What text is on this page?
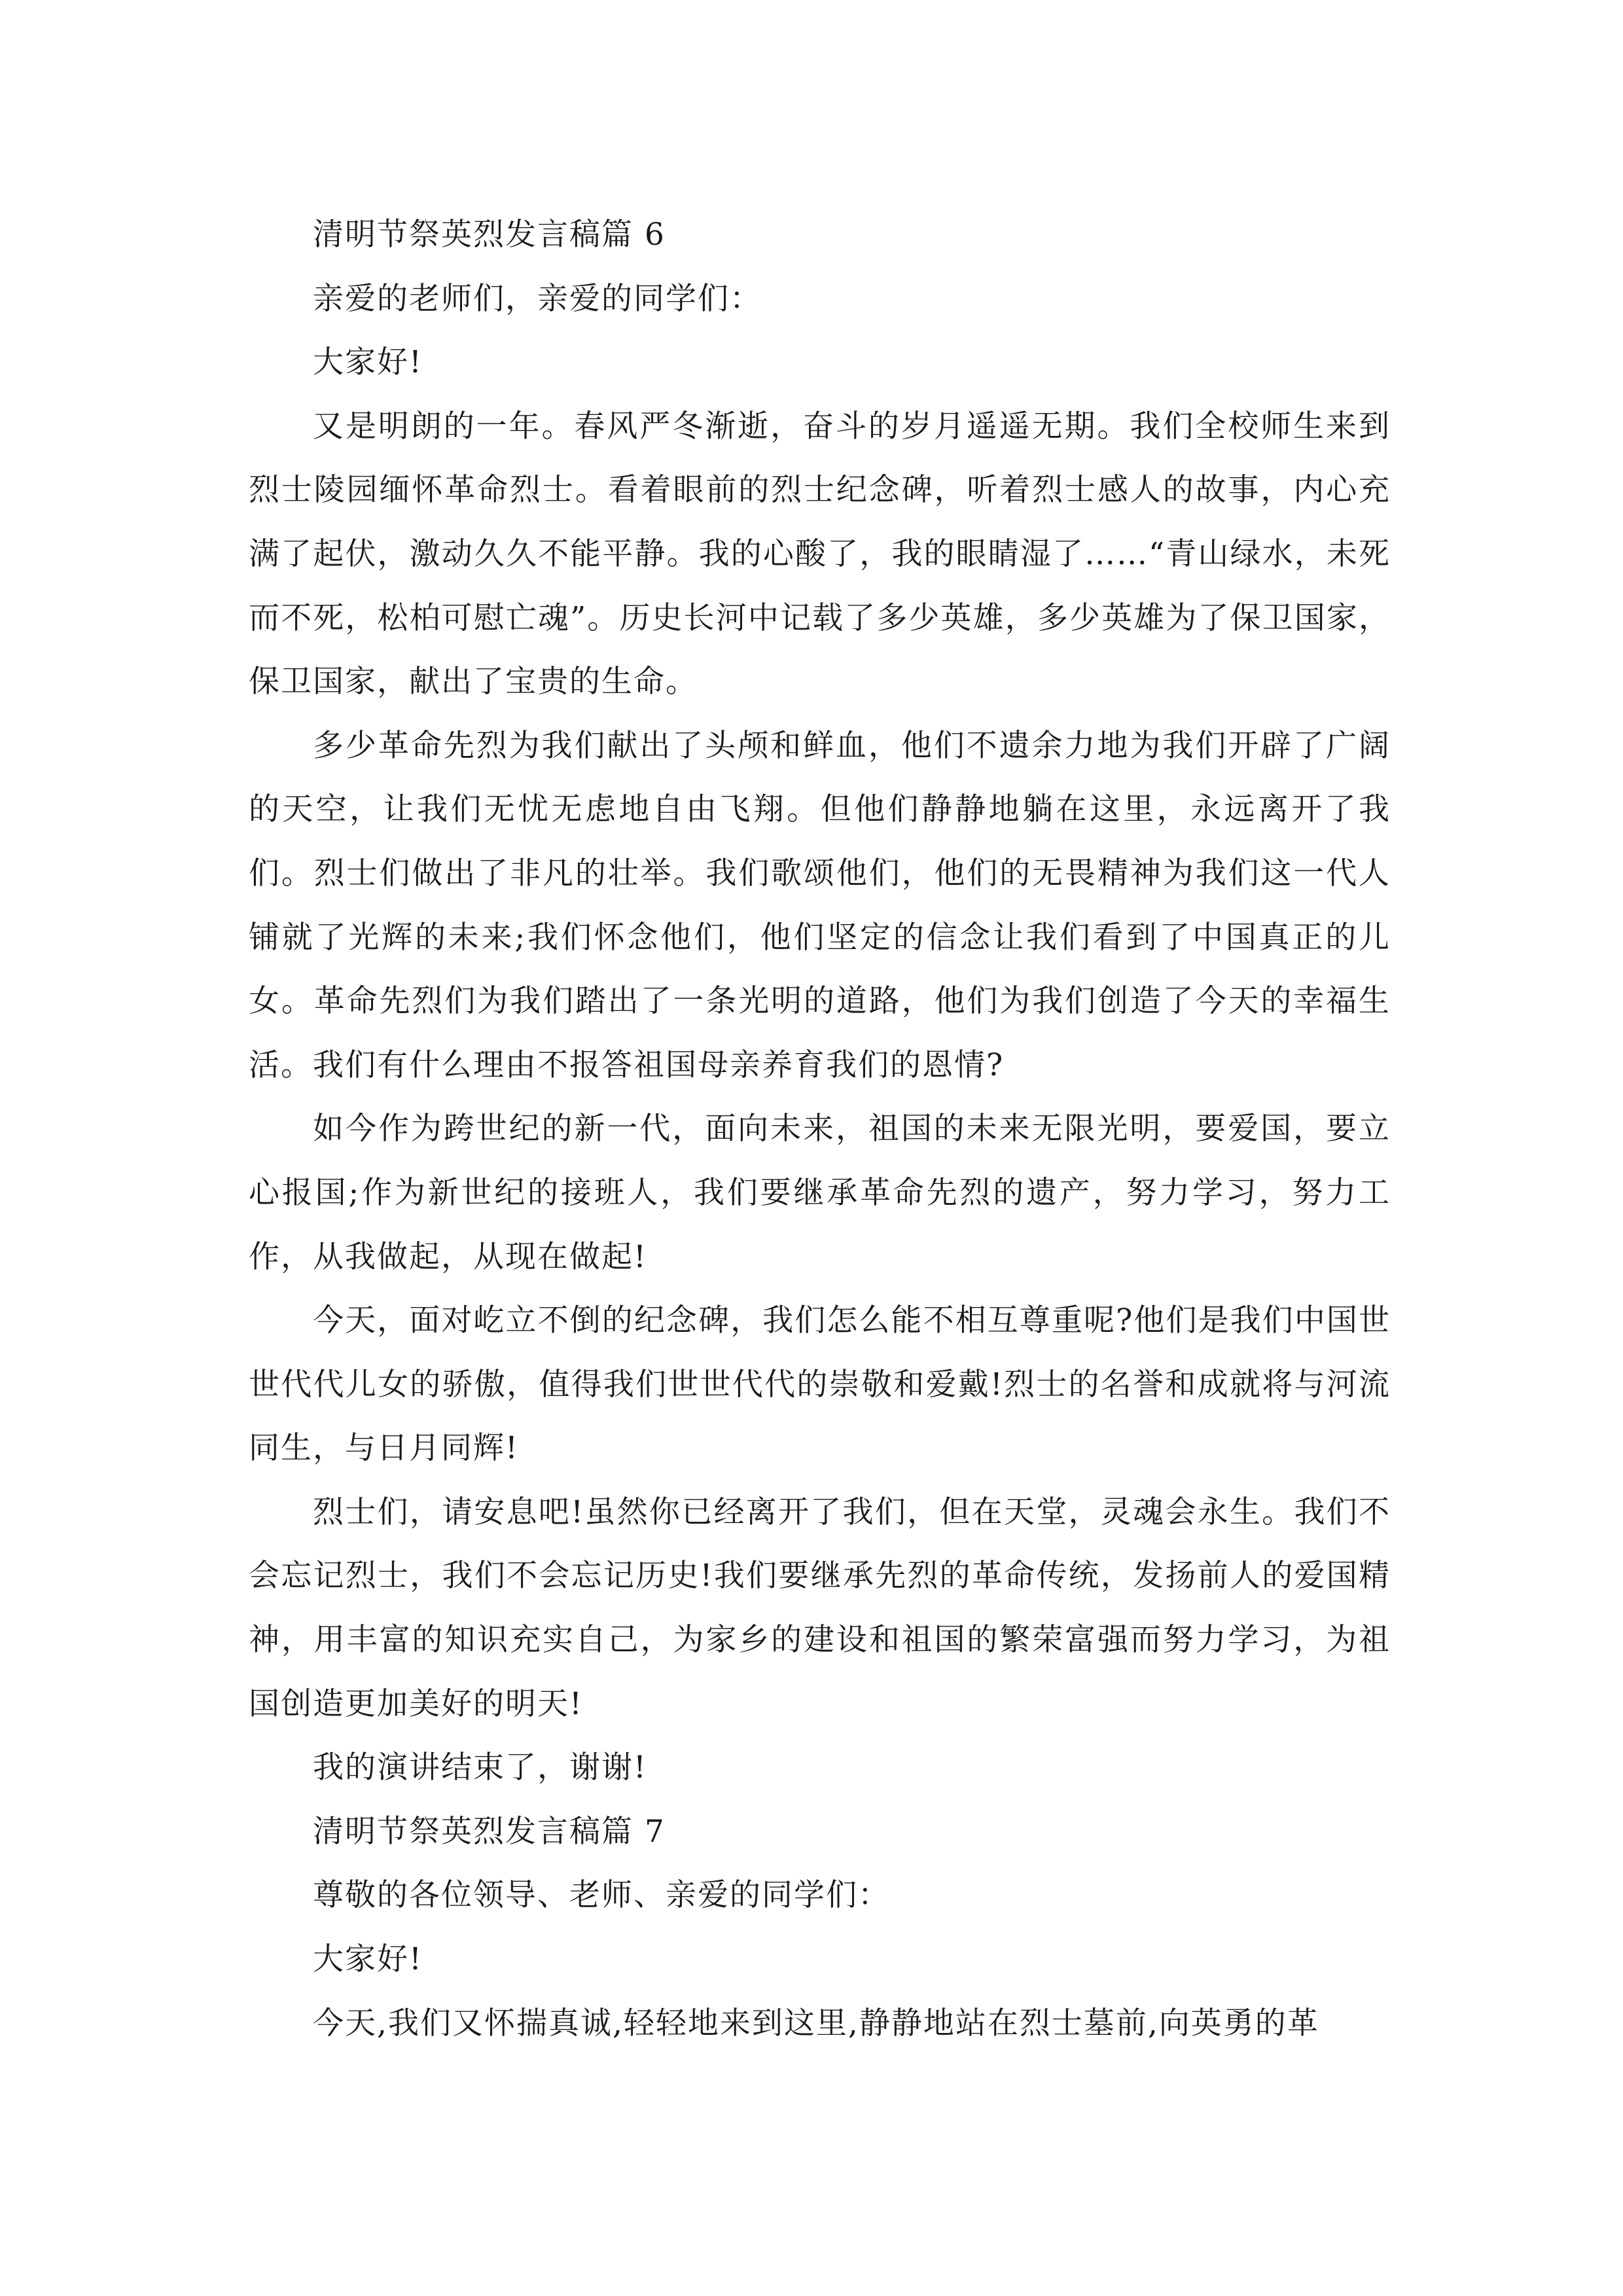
清明节祭英烈发言稿篇 6

亲爱的老师们，亲爱的同学们：

大家好!

又是明朗的一年。春风严冬渐逝，奋斗的岁月遥遥无期。我们全校师生来到烈士陵园缅怀革命烈士。看着眼前的烈士纪念碑，听着烈士感人的故事，内心充满了起伏，激动久久不能平静。我的心酸了，我的眼睛湿了……“青山绿水，未死而不死，松柏可慰亡魂”。历史长河中记载了多少英雄，多少英雄为了保卫国家，保卫国家，献出了宝贵的生命。

多少革命先烈为我们献出了头颅和鲜血，他们不遗余力地为我们开辟了广阔的天空，让我们无忧无虑地自由飞翔。但他们静静地躺在这里，永远离开了我们。烈士们做出了非凡的壮举。我们歌颂他们，他们的无畏精神为我们这一代人铺就了光辉的未来;我们怀念他们，他们坚定的信念让我们看到了中国真正的儿女。革命先烈们为我们踏出了一条光明的道路，他们为我们创造了今天的幸福生活。我们有什么理由不报答祖国母亲养育我们的恩情?

如今作为跨世纪的新一代，面向未来，祖国的未来无限光明，要爱国，要立心报国;作为新世纪的接班人，我们要继承革命先烈的遗产，努力学习，努力工作，从我做起，从现在做起!

今天，面对屹立不倒的纪念碑，我们怎么能不相互尊重呢?他们是我们中国世世代代儿女的骄傲，值得我们世世代代的崇敬和爱戴!烈士的名誉和成就将与河流同生，与日月同辉!

烈士们，请安息吧!虽然你已经离开了我们，但在天堂，灵魂会永生。我们不会忘记烈士，我们不会忘记历史!我们要继承先烈的革命传统，发扬前人的爱国精神，用丰富的知识充实自己，为家乡的建设和祖国的繁荣富强而努力学习，为祖国创造更加美好的明天!

我的演讲结束了，谢谢!

清明节祭英烈发言稿篇 7

尊敬的各位领导、老师、亲爱的同学们：

大家好!

今天,我们又怀揣真诚,轻轻地来到这里,静静地站在烈士墓前,向英勇的革
